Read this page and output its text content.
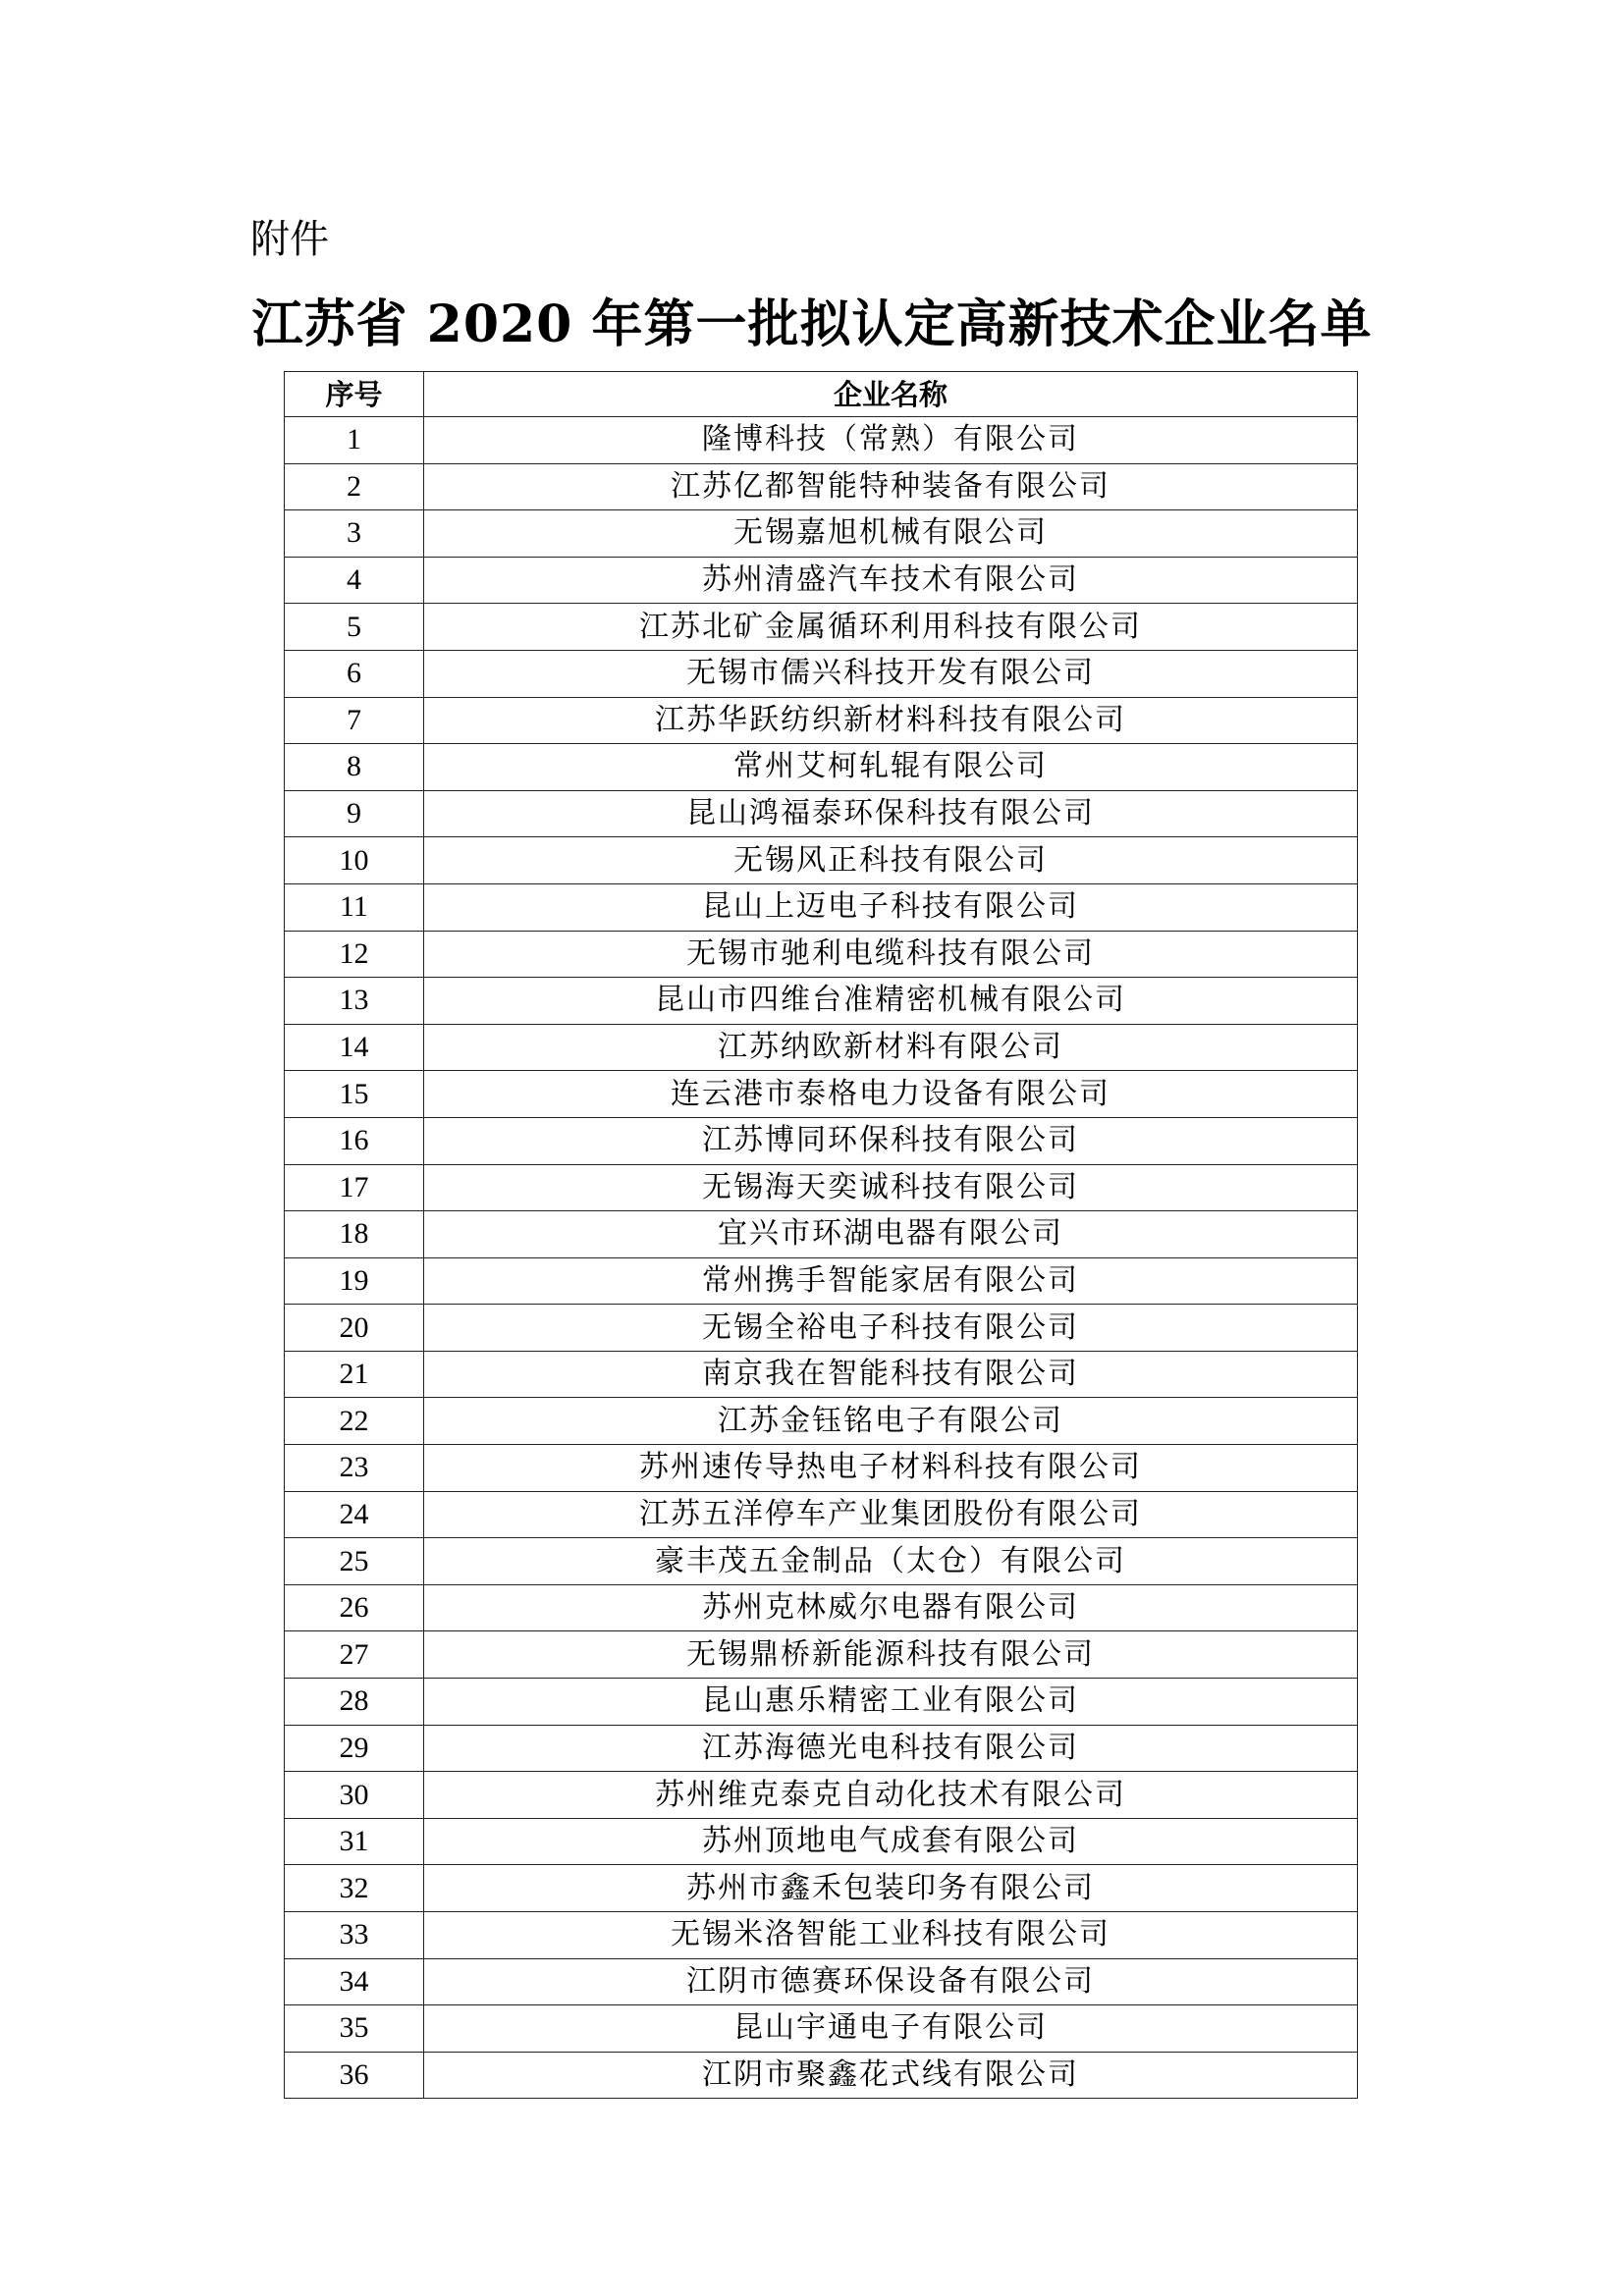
附件
江苏省 2020 年第一批拟认定高新技术企业名单
序号	企业名称
1	隆博科技（常熟）有限公司
2	江苏亿都智能特种装备有限公司
3	无锡嘉旭机械有限公司
4	苏州清盛汽车技术有限公司
5	江苏北矿金属循环利用科技有限公司
6	无锡市儒兴科技开发有限公司
7	江苏华跃纺织新材料科技有限公司
8	常州艾柯轧辊有限公司
9	昆山鸿福泰环保科技有限公司
10	无锡风正科技有限公司
11	昆山上迈电子科技有限公司
12	无锡市驰利电缆科技有限公司
13	昆山市四维台准精密机械有限公司
14	江苏纳欧新材料有限公司
15	连云港市泰格电力设备有限公司
16	江苏博同环保科技有限公司
17	无锡海天奕诚科技有限公司
18	宜兴市环湖电器有限公司
19	常州携手智能家居有限公司
20	无锡全裕电子科技有限公司
21	南京我在智能科技有限公司
22	江苏金钰铭电子有限公司
23	苏州速传导热电子材料科技有限公司
24	江苏五洋停车产业集团股份有限公司
25	豪丰茂五金制品（太仓）有限公司
26	苏州克林威尔电器有限公司
27	无锡鼎桥新能源科技有限公司
28	昆山惠乐精密工业有限公司
29	江苏海德光电科技有限公司
30	苏州维克泰克自动化技术有限公司
31	苏州顶地电气成套有限公司
32	苏州市鑫禾包装印务有限公司
33	无锡米洛智能工业科技有限公司
34	江阴市德赛环保设备有限公司
35	昆山宇通电子有限公司
36	江阴市聚鑫花式线有限公司
